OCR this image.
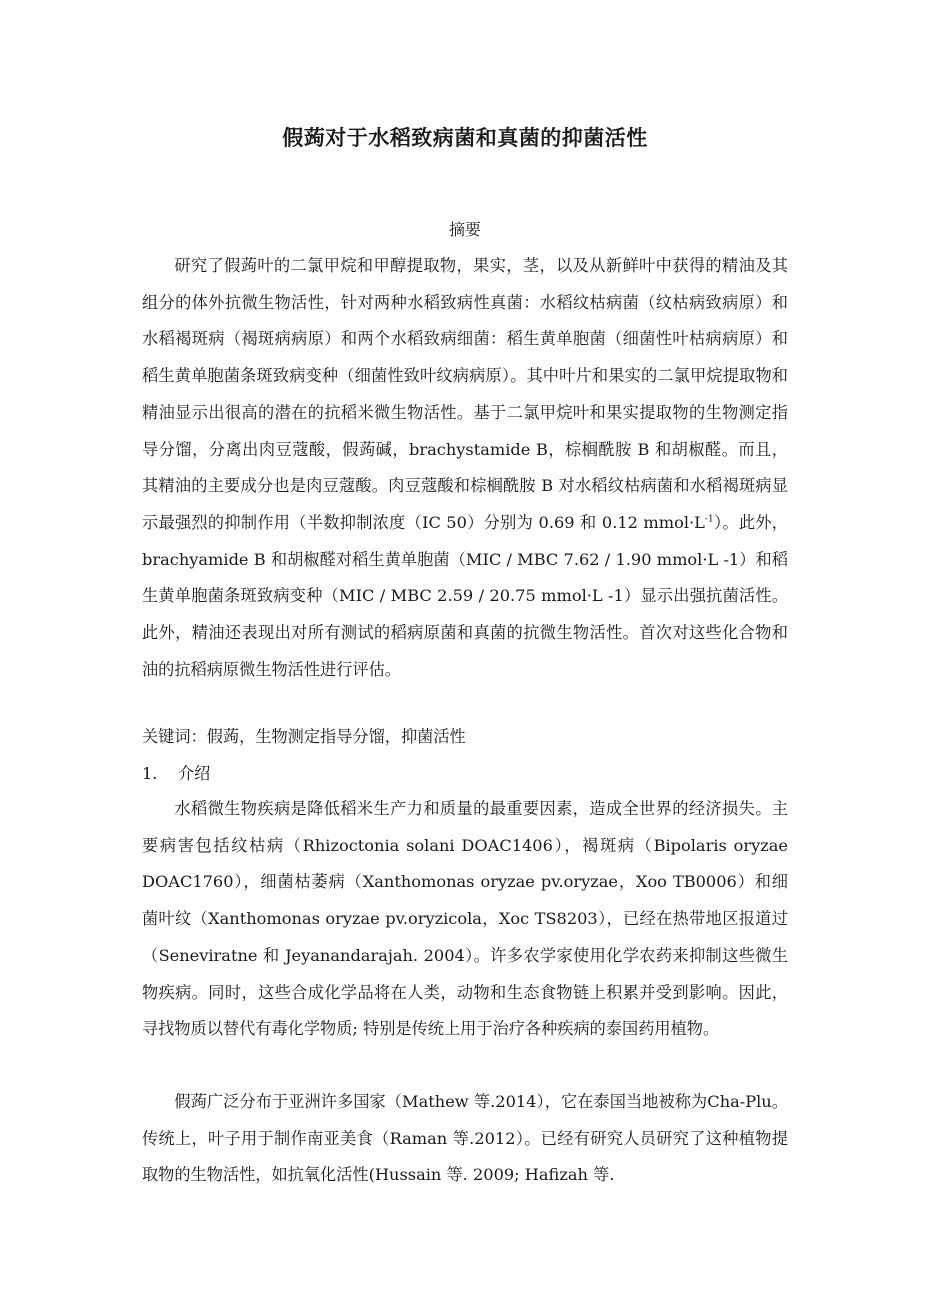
假蒟对于水稻致病菌和真菌的抑菌活性

摘要

研究了假蒟叶的二氯甲烷和甲醇提取物，果实，茎，以及从新鲜叶中获得的精油及其组分的体外抗微生物活性，针对两种水稻致病性真菌：水稻纹枯病菌（纹枯病致病原）和水稻褐斑病（褐斑病病原）和两个水稻致病细菌：稻生黄单胞菌（细菌性叶枯病病原）和稻生黄单胞菌条斑致病变种（细菌性致叶纹病病原）。其中叶片和果实的二氯甲烷提取物和精油显示出很高的潜在的抗稻米微生物活性。基于二氯甲烷叶和果实提取物的生物测定指导分馏，分离出肉豆蔻酸，假蒟碱，brachystamide B，棕榈酰胺 B 和胡椒醛。而且，其精油的主要成分也是肉豆蔻酸。肉豆蔻酸和棕榈酰胺 B 对水稻纹枯病菌和水稻褐斑病显示最强烈的抑制作用（半数抑制浓度（IC 50）分别为 0.69 和 0.12 $mmol\cdot L^{-1}$）。此外，brachyamide B 和胡椒醛对稻生黄单胞菌（MIC / MBC 7.62 / 1.90 mmol·L -1）和稻生黄单胞菌条斑致病变种（MIC / MBC 2.59 / 20.75 mmol·L -1）显示出强抗菌活性。此外，精油还表现出对所有测试的稻病原菌和真菌的抗微生物活性。首次对这些化合物和油的抗稻病原微生物活性进行评估。

关键词：假蒟，生物测定指导分馏，抑菌活性

1. 介绍

水稻微生物疾病是降低稻米生产力和质量的最重要因素，造成全世界的经济损失。主要病害包括纹枯病（Rhizoctonia solani DOAC1406），褐斑病（Bipolaris oryzae DOAC1760），细菌枯萎病（Xanthomonas oryzae pv.oryzae，Xoo TB0006）和细菌叶纹（Xanthomonas oryzae pv.oryzicola，Xoc TS8203），已经在热带地区报道过（Seneviratne 和 Jeyanandarajah. 2004）。许多农学家使用化学农药来抑制这些微生物疾病。同时，这些合成化学品将在人类，动物和生态食物链上积累并受到影响。因此，寻找物质以替代有毒化学物质; 特别是传统上用于治疗各种疾病的泰国药用植物。

假蒟广泛分布于亚洲许多国家（Mathew 等.2014），它在泰国当地被称为Cha-Plu。传统上，叶子用于制作南亚美食（Raman 等.2012）。已经有研究人员研究了这种植物提取物的生物活性，如抗氧化活性(Hussain 等. 2009; Hafizah 等.
